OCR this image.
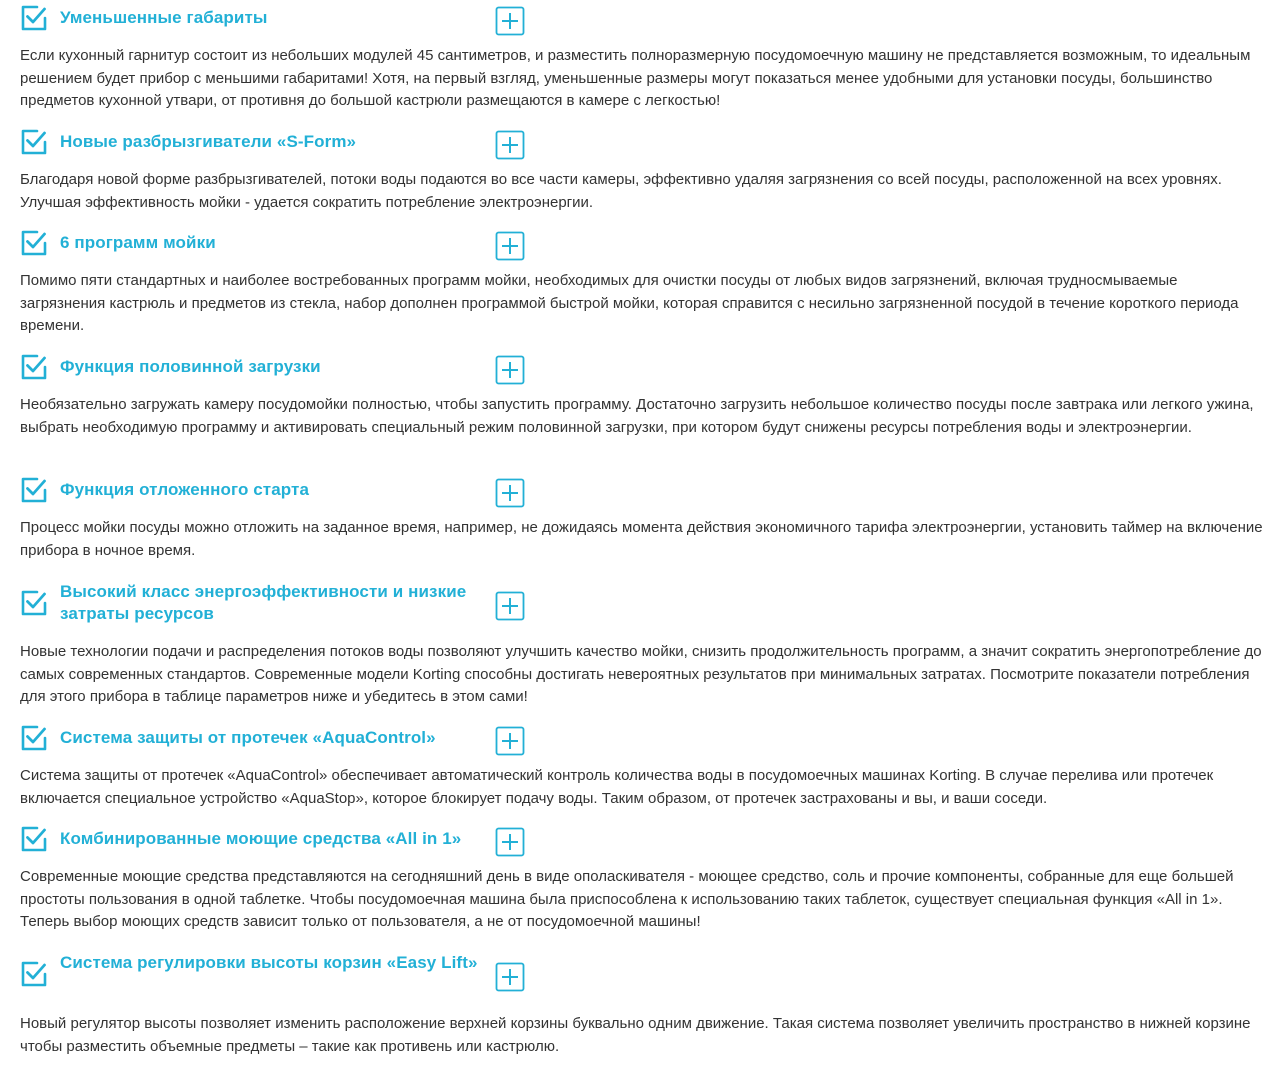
Уменьшенные габариты

Если кухонный гарнитур состоит из небольших модулей 45 сантиметров, и разместить полноразмерную посудомоечную машину не представляется возможным, то идеальным решением будет прибор с меньшими габаритами! Хотя, на первый взгляд, уменьшенные размеры могут показаться менее удобными для установки посуды, большинство предметов кухонной утвари, от противня до большой кастрюли размещаются в камере с легкостью!

Новые разбрызгиватели «S-Form»

Благодаря новой форме разбрызгивателей, потоки воды подаются во все части камеры, эффективно удаляя загрязнения со всей посуды, расположенной на всех уровнях. Улучшая эффективность мойки - удается сократить потребление электроэнергии.

6 программ мойки

Помимо пяти стандартных и наиболее востребованных программ мойки, необходимых для очистки посуды от любых видов загрязнений, включая трудносмываемые загрязнения кастрюль и предметов из стекла, набор дополнен программой быстрой мойки, которая справится с несильно загрязненной посудой в течение короткого периода времени.

Функция половинной загрузки

Необязательно загружать камеру посудомойки полностью, чтобы запустить программу. Достаточно загрузить небольшое количество посуды после завтрака или легкого ужина, выбрать необходимую программу и активировать специальный режим половинной загрузки, при котором будут снижены ресурсы потребления воды и электроэнергии.

Функция отложенного старта

Процесс мойки посуды можно отложить на заданное время, например, не дожидаясь момента действия экономичного тарифа электроэнергии, установить таймер на включение прибора в ночное время.

Высокий класс энергоэффективности и низкие затраты ресурсов

Новые технологии подачи и распределения потоков воды позволяют улучшить качество мойки, снизить продолжительность программ, а значит сократить энергопотребление до самых современных стандартов. Современные модели Korting способны достигать невероятных результатов при минимальных затратах. Посмотрите показатели потребления для этого прибора в таблице параметров ниже и убедитесь в этом сами!

Система защиты от протечек «AquaControl»

Система защиты от протечек «AquaControl» обеспечивает автоматический контроль количества воды в посудомоечных машинах Korting. В случае перелива или протечек включается специальное устройство «AquaStop», которое блокирует подачу воды. Таким образом, от протечек застрахованы и вы, и ваши соседи.

Комбинированные моющие средства «All in 1»

Современные моющие средства представляются на сегодняшний день в виде ополаскивателя - моющее средство, соль и прочие компоненты, собранные для еще большей простоты пользования в одной таблетке. Чтобы посудомоечная машина была приспособлена к использованию таких таблеток, существует специальная функция «All in 1». Теперь выбор моющих средств зависит только от пользователя, а не от посудомоечной машины!

Система регулировки высоты корзин «Easy Lift»

Новый регулятор высоты позволяет изменить расположение верхней корзины буквально одним движение. Такая система позволяет увеличить пространство в нижней корзине чтобы разместить объемные предметы – такие как противень или кастрюлю.
